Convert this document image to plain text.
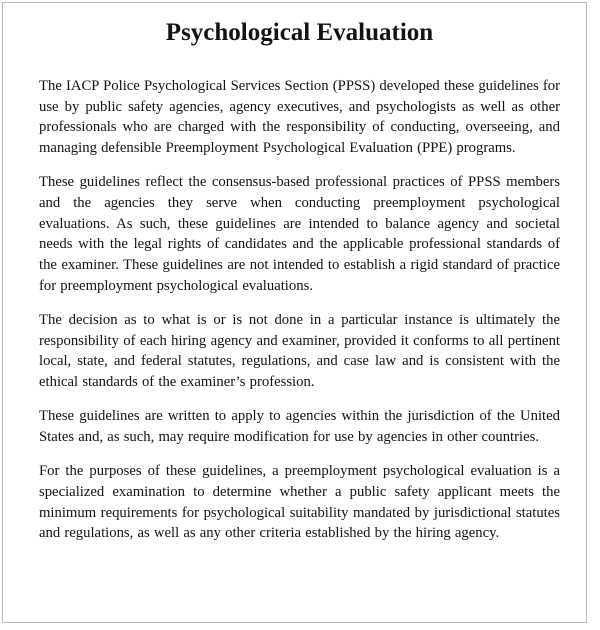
Psychological Evaluation

The IACP Police Psychological Services Section (PPSS) developed these guidelines for use by public safety agencies, agency executives, and psychologists as well as other professionals who are charged with the responsibility of conducting, overseeing, and managing defensible Preemployment Psychological Evaluation (PPE) programs.

These guidelines reflect the consensus-based professional practices of PPSS members and the agencies they serve when conducting preemployment psychological evaluations. As such, these guidelines are intended to balance agency and societal needs with the legal rights of candidates and the applicable professional standards of the examiner. These guidelines are not intended to establish a rigid standard of practice for preemployment psychological evaluations.

The decision as to what is or is not done in a particular instance is ultimately the responsibility of each hiring agency and examiner, provided it conforms to all pertinent local, state, and federal statutes, regulations, and case law and is consistent with the ethical standards of the examiner’s profession.

These guidelines are written to apply to agencies within the jurisdiction of the United States and, as such, may require modification for use by agencies in other countries.

For the purposes of these guidelines, a preemployment psychological evaluation is a specialized examination to determine whether a public safety applicant meets the minimum requirements for psychological suitability mandated by jurisdictional statutes and regulations, as well as any other criteria established by the hiring agency.
